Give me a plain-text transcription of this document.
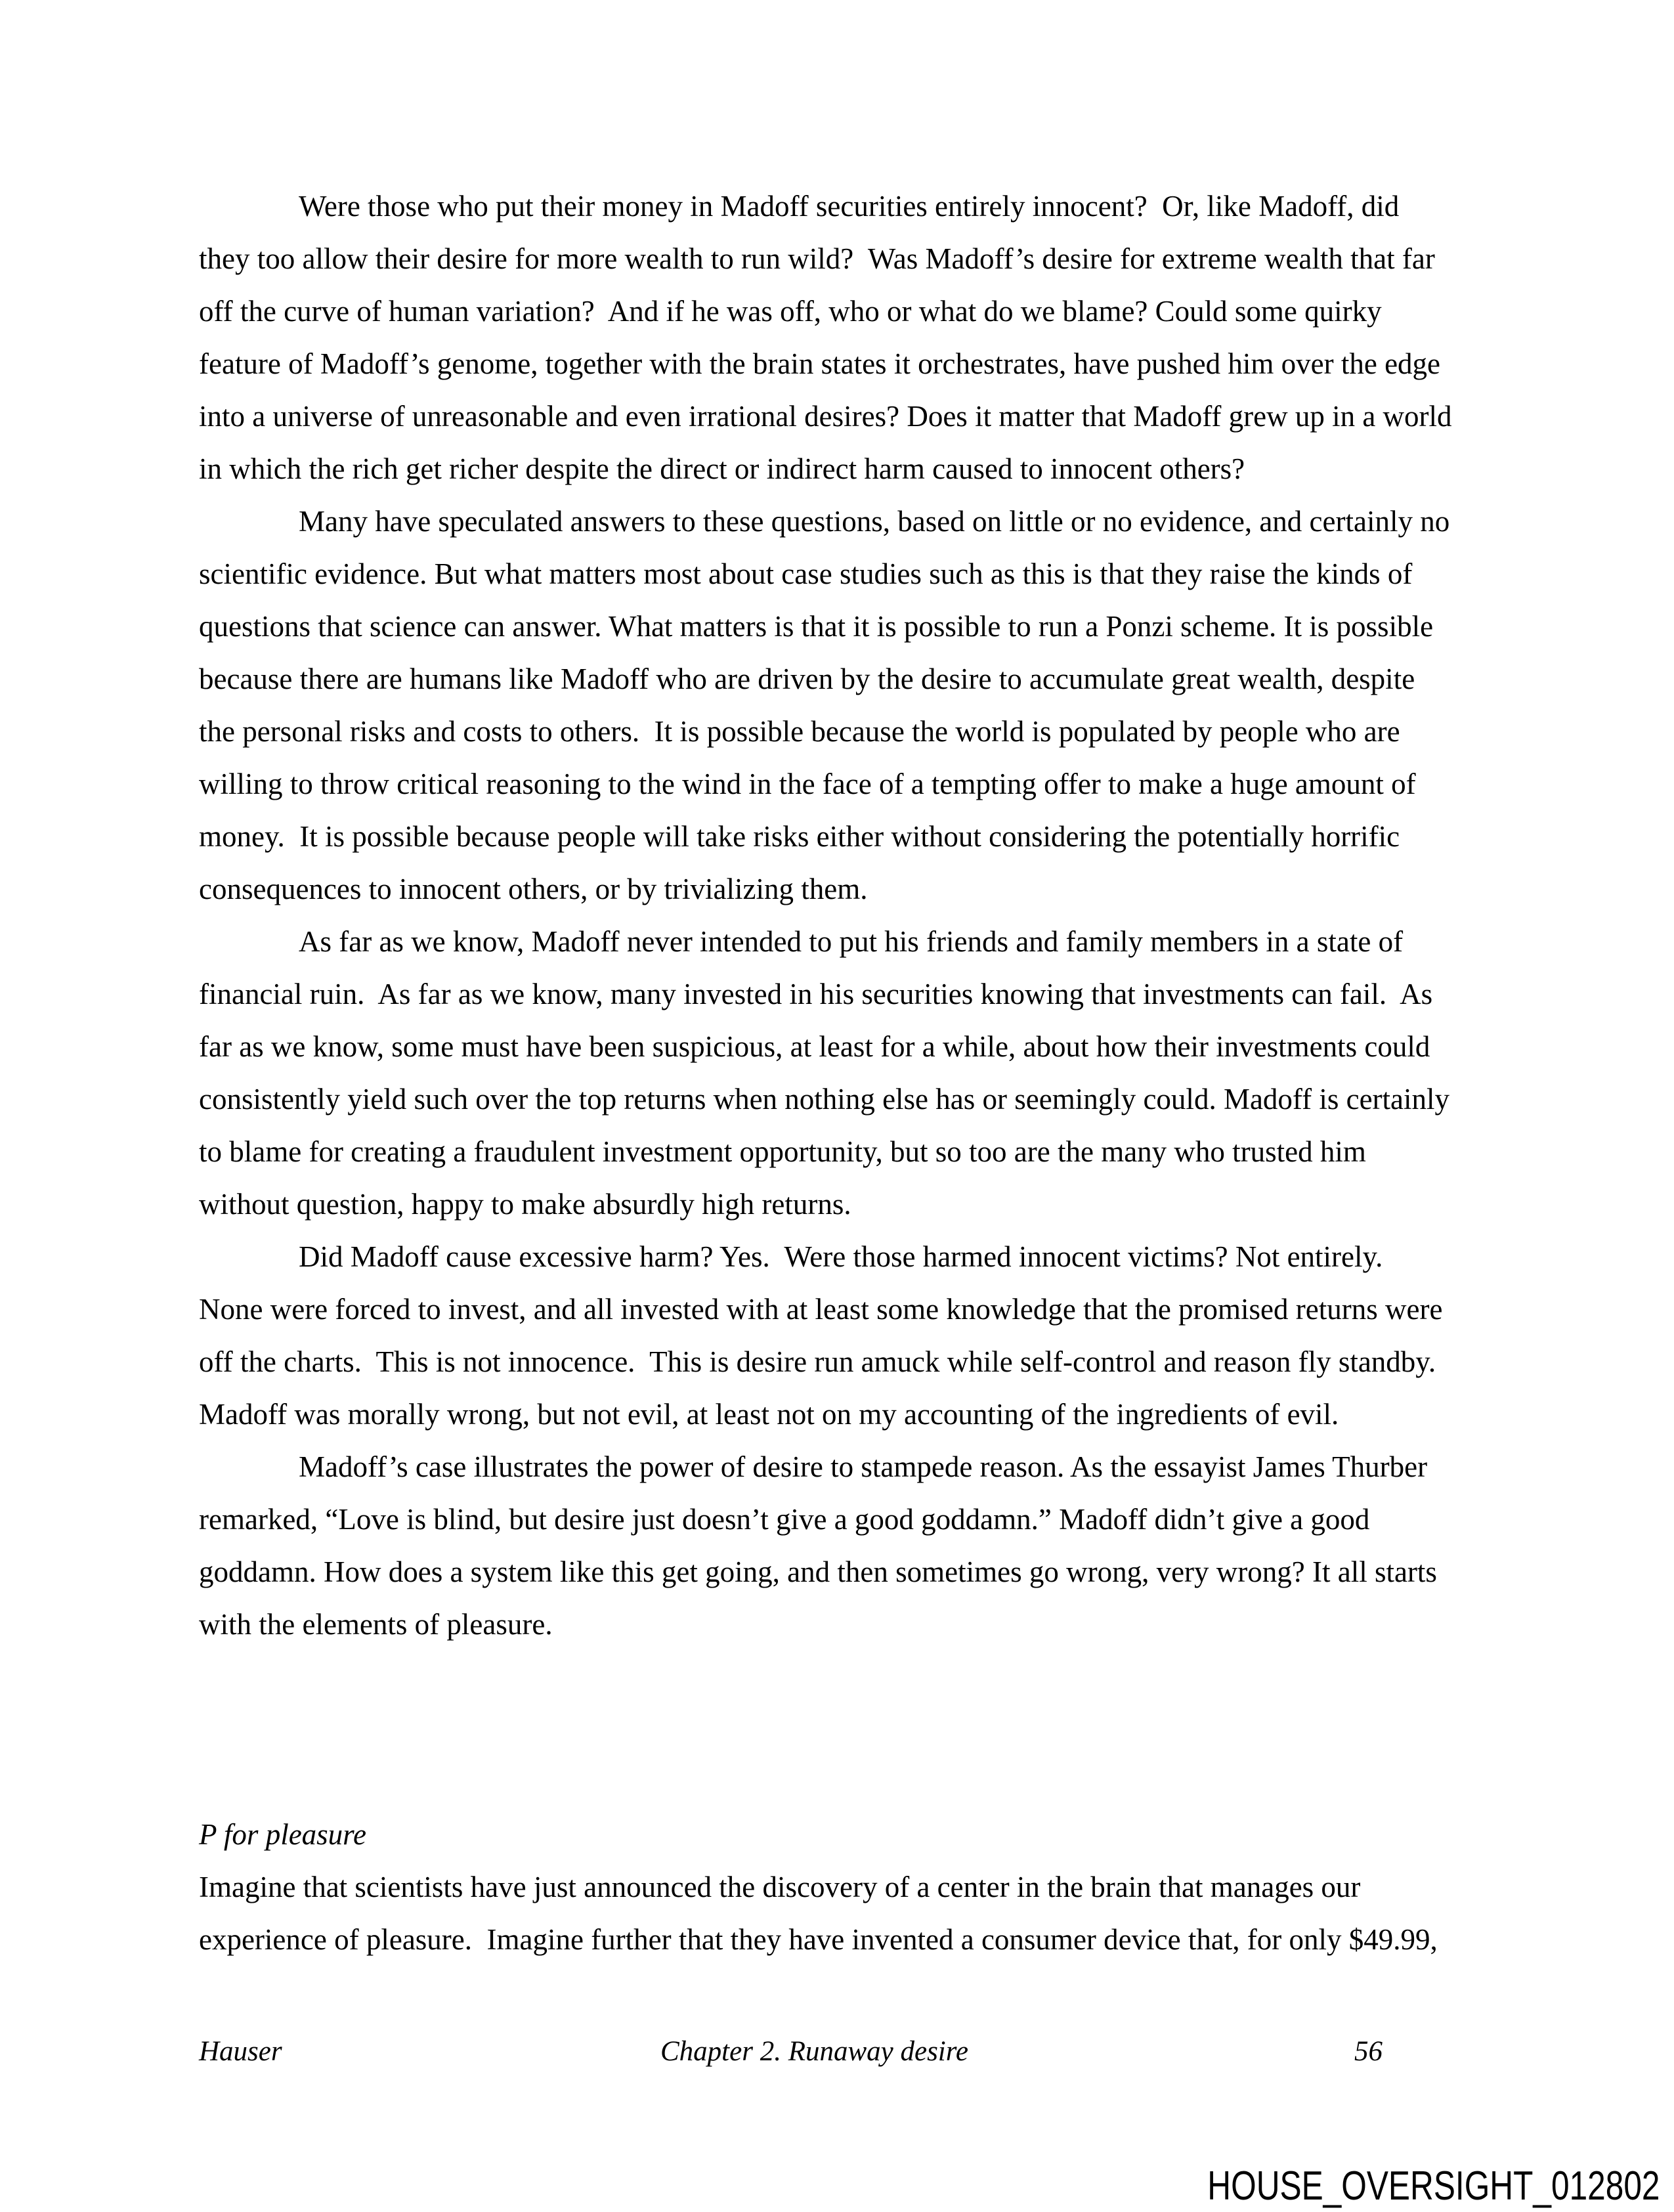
Were those who put their money in Madoff securities entirely innocent?  Or, like Madoff, did
they too allow their desire for more wealth to run wild?  Was Madoff’s desire for extreme wealth that far
off the curve of human variation?  And if he was off, who or what do we blame? Could some quirky
feature of Madoff’s genome, together with the brain states it orchestrates, have pushed him over the edge
into a universe of unreasonable and even irrational desires? Does it matter that Madoff grew up in a world
in which the rich get richer despite the direct or indirect harm caused to innocent others?
Many have speculated answers to these questions, based on little or no evidence, and certainly no
scientific evidence. But what matters most about case studies such as this is that they raise the kinds of
questions that science can answer. What matters is that it is possible to run a Ponzi scheme. It is possible
because there are humans like Madoff who are driven by the desire to accumulate great wealth, despite
the personal risks and costs to others.  It is possible because the world is populated by people who are
willing to throw critical reasoning to the wind in the face of a tempting offer to make a huge amount of
money.  It is possible because people will take risks either without considering the potentially horrific
consequences to innocent others, or by trivializing them.
As far as we know, Madoff never intended to put his friends and family members in a state of
financial ruin.  As far as we know, many invested in his securities knowing that investments can fail.  As
far as we know, some must have been suspicious, at least for a while, about how their investments could
consistently yield such over the top returns when nothing else has or seemingly could. Madoff is certainly
to blame for creating a fraudulent investment opportunity, but so too are the many who trusted him
without question, happy to make absurdly high returns.
Did Madoff cause excessive harm? Yes.  Were those harmed innocent victims? Not entirely.
None were forced to invest, and all invested with at least some knowledge that the promised returns were
off the charts.  This is not innocence.  This is desire run amuck while self-control and reason fly standby.
Madoff was morally wrong, but not evil, at least not on my accounting of the ingredients of evil.
Madoff’s case illustrates the power of desire to stampede reason. As the essayist James Thurber
remarked, “Love is blind, but desire just doesn’t give a good goddamn.” Madoff didn’t give a good
goddamn. How does a system like this get going, and then sometimes go wrong, very wrong? It all starts
with the elements of pleasure.
P for pleasure
Imagine that scientists have just announced the discovery of a center in the brain that manages our
experience of pleasure.  Imagine further that they have invented a consumer device that, for only $49.99,
Hauser	Chapter 2. Runaway desire	56
HOUSE_OVERSIGHT_012802
